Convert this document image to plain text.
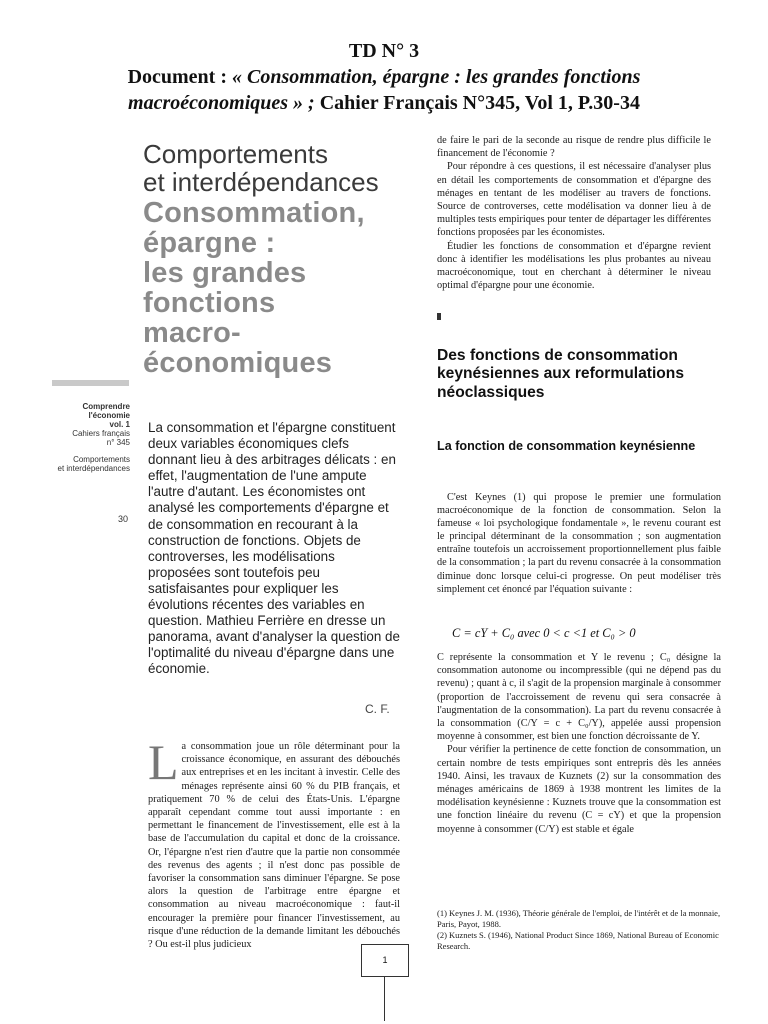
TD N° 3

Document : « Consommation, épargne : les grandes fonctions

macroéconomiques » ; Cahier Français N°345, Vol 1, P.30-34

Comportements

et interdépendances

Consommation,

épargne :

les grandes

fonctions

macro-

économiques

Comprendre
l'économie
vol. 1
Cahiers français
n° 345
Comportements
et interdépendances
30
La consommation et l'épargne constituent deux variables économiques clefs donnant lieu à des arbitrages délicats : en effet, l'augmentation de l'une ampute l'autre d'autant. Les économistes ont analysé les comportements d'épargne et de consommation en recourant à la construction de fonctions. Objets de controverses, les modélisations proposées sont toutefois peu satisfaisantes pour expliquer les évolutions récentes des variables en question. Mathieu Ferrière en dresse un panorama, avant d'analyser la question de l'optimalité du niveau d'épargne dans une économie.
C. F.
La consommation joue un rôle déterminant pour la croissance économique, en assurant des débouchés aux entreprises et en les incitant à investir. Celle des ménages représente ainsi 60 % du PIB français, et pratiquement 70 % de celui des États-Unis. L'épargne apparaît cependant comme tout aussi importante : en permettant le financement de l'investissement, elle est à la base de l'accumulation du capital et donc de la croissance. Or, l'épargne n'est rien d'autre que la partie non consommée des revenus des agents ; il n'est donc pas possible de favoriser la consommation sans diminuer l'épargne. Se pose alors la question de l'arbitrage entre épargne et consommation au niveau macroéconomique : faut-il encourager la première pour financer l'investissement, au risque d'une réduction de la demande limitant les débouchés ? Ou est-il plus judicieux

de faire le pari de la seconde au risque de rendre plus difficile le financement de l'économie ?

Pour répondre à ces questions, il est nécessaire d'analyser plus en détail les comportements de consommation et d'épargne des ménages en tentant de les modéliser au travers de fonctions. Source de controverses, cette modélisation va donner lieu à de multiples tests empiriques pour tenter de départager les différentes fonctions proposées par les économistes.

Étudier les fonctions de consommation et d'épargne revient donc à identifier les modélisations les plus probantes au niveau macroéconomique, tout en cherchant à déterminer le niveau optimal d'épargne pour une économie.

Des fonctions de consommation keynésiennes aux reformulations néoclassiques
La fonction de consommation keynésienne
C'est Keynes (1) qui propose le premier une formulation macroéconomique de la fonction de consommation. Selon la fameuse « loi psychologique fondamentale », le revenu courant est le principal déterminant de la consommation ; son augmentation entraîne toutefois un accroissement proportionnellement plus faible de la consommation ; la part du revenu consacrée à la consommation diminue donc lorsque celui-ci progresse. On peut modéliser très simplement cet énoncé par l'équation suivante :
C = cY + C₀ avec 0 < c <1 et C₀ > 0

C représente la consommation et Y le revenu ; C₀ désigne la consommation autonome ou incompressible (qui ne dépend pas du revenu) ; quant à c, il s'agit de la propension marginale à consommer (proportion de l'accroissement de revenu qui sera consacrée à l'augmentation de la consommation). La part du revenu consacrée à la consommation (C/Y = c + C₀/Y), appelée aussi propension moyenne à consommer, est bien une fonction décroissante de Y.

Pour vérifier la pertinence de cette fonction de consommation, un certain nombre de tests empiriques sont entrepris dès les années 1940. Ainsi, les travaux de Kuznets (2) sur la consommation des ménages américains de 1869 à 1938 montrent les limites de la modélisation keynésienne : Kuznets trouve que la consommation est une fonction linéaire du revenu (C = cY) et que la propension moyenne à consommer (C/Y) est stable et égale

(1) Keynes J. M. (1936), Théorie générale de l'emploi, de l'intérêt et de la monnaie, Paris, Payot, 1988.

(2) Kuznets S. (1946), National Product Since 1869, National Bureau of Economic Research.

1
